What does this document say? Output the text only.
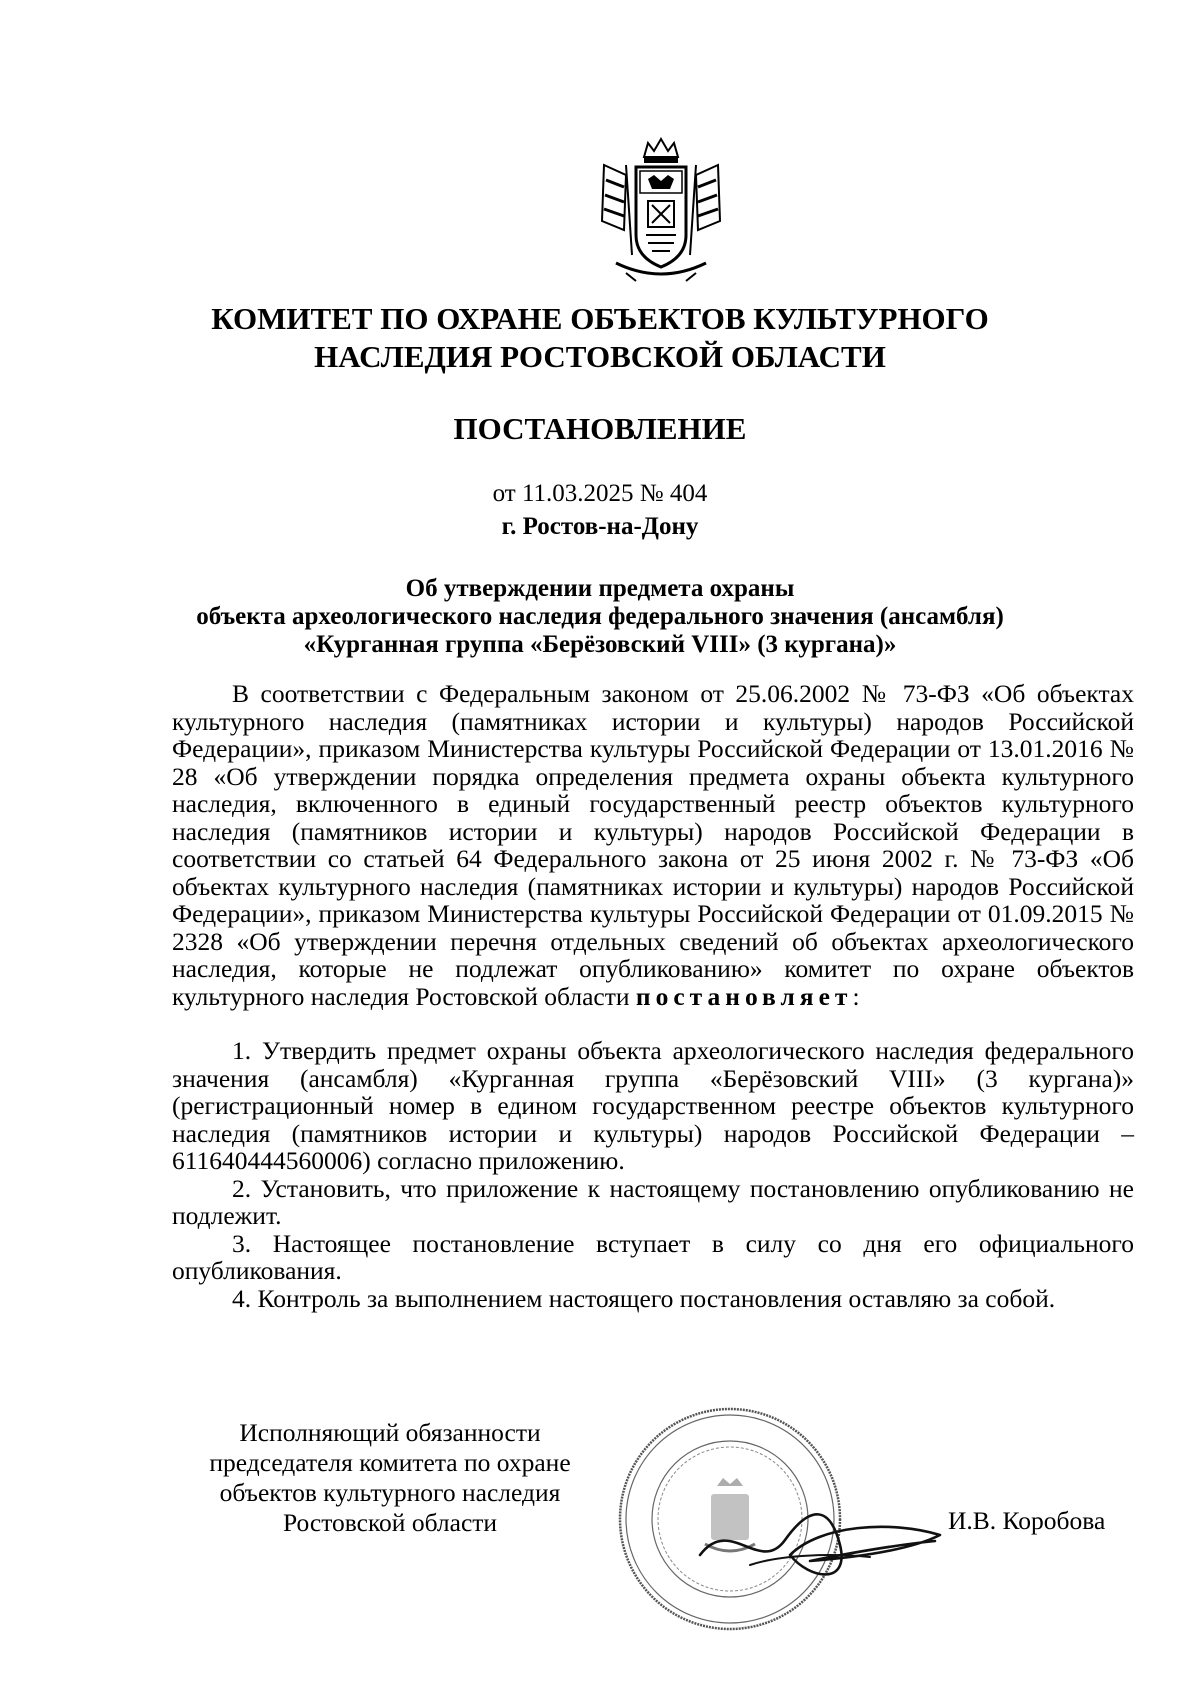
КОМИТЕТ ПО ОХРАНЕ ОБЪЕКТОВ КУЛЬТУРНОГО
НАСЛЕДИЯ РОСТОВСКОЙ ОБЛАСТИ
ПОСТАНОВЛЕНИЕ
от 11.03.2025 № 404
г. Ростов-на-Дону
Об утверждении предмета охраны
объекта археологического наследия федерального значения (ансамбля)
«Курганная группа «Берёзовский VIII» (3 кургана)»
В соответствии с Федеральным законом от 25.06.2002 № 73-ФЗ «Об объектах культурного наследия (памятниках истории и культуры) народов Российской Федерации», приказом Министерства культуры Российской Федерации от 13.01.2016 № 28 «Об утверждении порядка определения предмета охраны объекта культурного наследия, включенного в единый государственный реестр объектов культурного наследия (памятников истории и культуры) народов Российской Федерации в соответствии со статьей 64 Федерального закона от 25 июня 2002 г. № 73-ФЗ «Об объектах культурного наследия (памятниках истории и культуры) народов Российской Федерации», приказом Министерства культуры Российской Федерации от 01.09.2015 № 2328 «Об утверждении перечня отдельных сведений об объектах археологического наследия, которые не подлежат опубликованию» комитет по охране объектов культурного наследия Ростовской области постановляет:
1. Утвердить предмет охраны объекта археологического наследия федерального значения (ансамбля) «Курганная группа «Берёзовский VIII» (3 кургана)» (регистрационный номер в едином государственном реестре объектов культурного наследия (памятников истории и культуры) народов Российской Федерации – 611640444560006) согласно приложению.
2. Установить, что приложение к настоящему постановлению опубликованию не подлежит.
3. Настоящее постановление вступает в силу со дня его официального опубликования.
4. Контроль за выполнением настоящего постановления оставляю за собой.
Исполняющий обязанности
председателя комитета по охране
объектов культурного наследия
Ростовской области	И.В. Коробова
